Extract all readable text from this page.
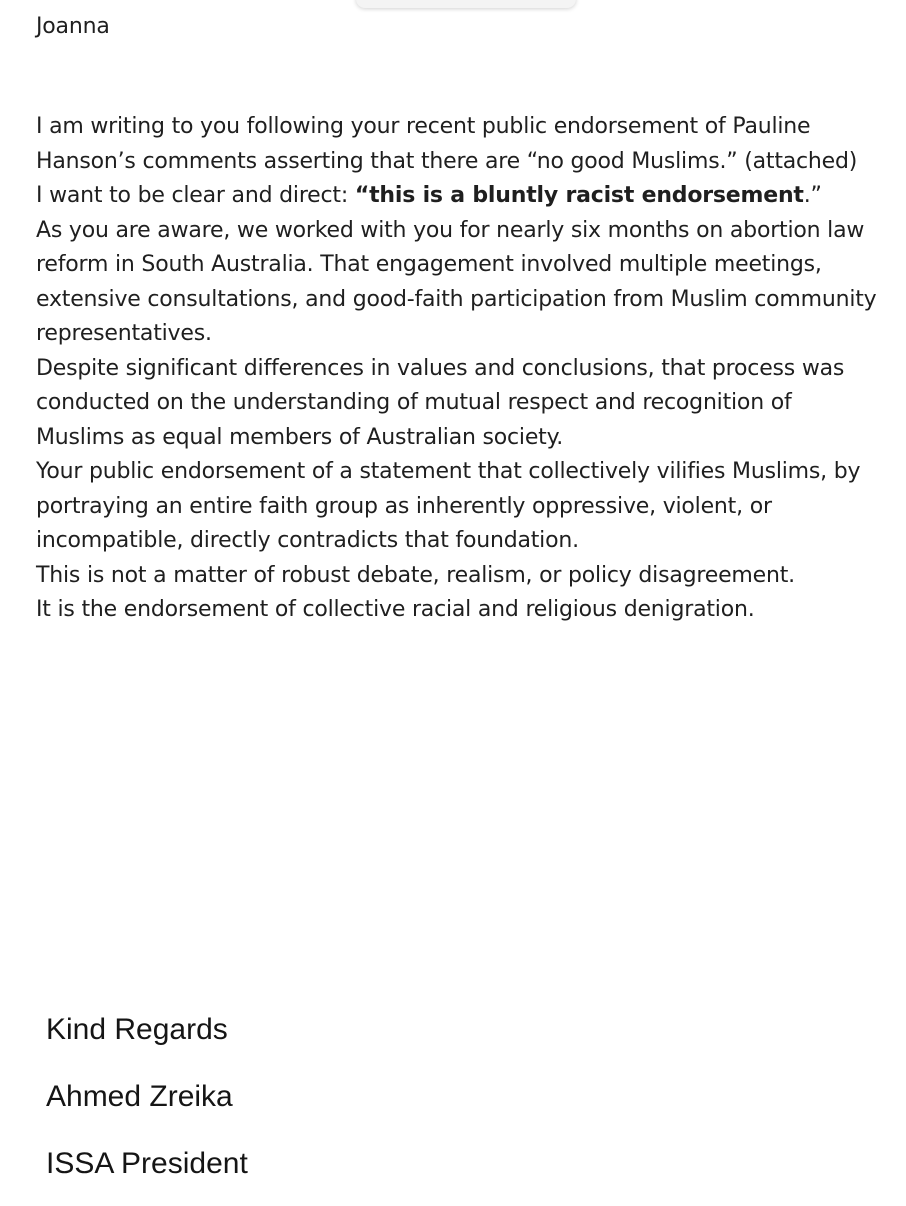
Joanna

I am writing to you following your recent public endorsement of Pauline Hanson’s comments asserting that there are “no good Muslims.” (attached)

I want to be clear and direct: “this is a bluntly racist endorsement.”

As you are aware, we worked with you for nearly six months on abortion law reform in South Australia. That engagement involved multiple meetings, extensive consultations, and good-faith participation from Muslim community representatives.

Despite significant differences in values and conclusions, that process was conducted on the understanding of mutual respect and recognition of Muslims as equal members of Australian society.

Your public endorsement of a statement that collectively vilifies Muslims, by portraying an entire faith group as inherently oppressive, violent, or incompatible, directly contradicts that foundation.

This is not a matter of robust debate, realism, or policy disagreement.

It is the endorsement of collective racial and religious denigration.

Kind Regards
Ahmed Zreika
ISSA President
